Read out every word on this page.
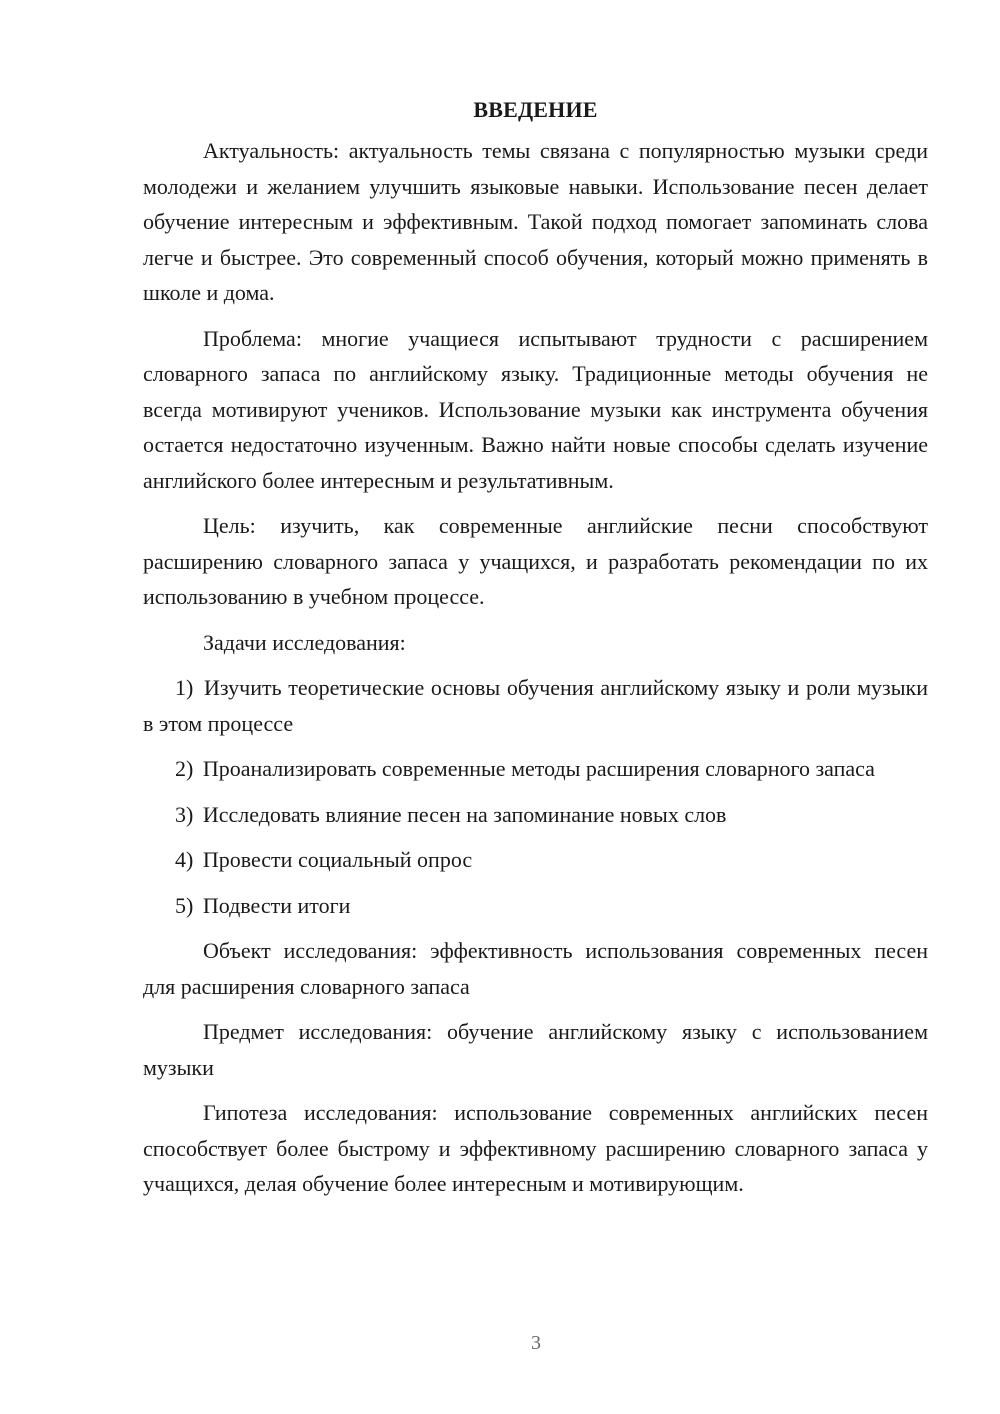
ВВЕДЕНИЕ

Актуальность: актуальность темы связана с популярностью музыки среди молодежи и желанием улучшить языковые навыки. Использование песен делает обучение интересным и эффективным. Такой подход помогает запоминать слова легче и быстрее. Это современный способ обучения, который можно применять в школе и дома.

Проблема: многие учащиеся испытывают трудности с расширением словарного запаса по английскому языку. Традиционные методы обучения не всегда мотивируют учеников. Использование музыки как инструмента обучения остается недостаточно изученным. Важно найти новые способы сделать изучение английского более интересным и результативным.

Цель: изучить, как современные английские песни способствуют расширению словарного запаса у учащихся, и разработать рекомендации по их использованию в учебном процессе.

Задачи исследования:

1) Изучить теоретические основы обучения английскому языку и роли музыки в этом процессе

2) Проанализировать современные методы расширения словарного запаса

3) Исследовать влияние песен на запоминание новых слов

4) Провести социальный опрос

5) Подвести итоги

Объект исследования: эффективность использования современных песен для расширения словарного запаса

Предмет исследования: обучение английскому языку с использованием музыки

Гипотеза исследования: использование современных английских песен способствует более быстрому и эффективному расширению словарного запаса у учащихся, делая обучение более интересным и мотивирующим.

3
